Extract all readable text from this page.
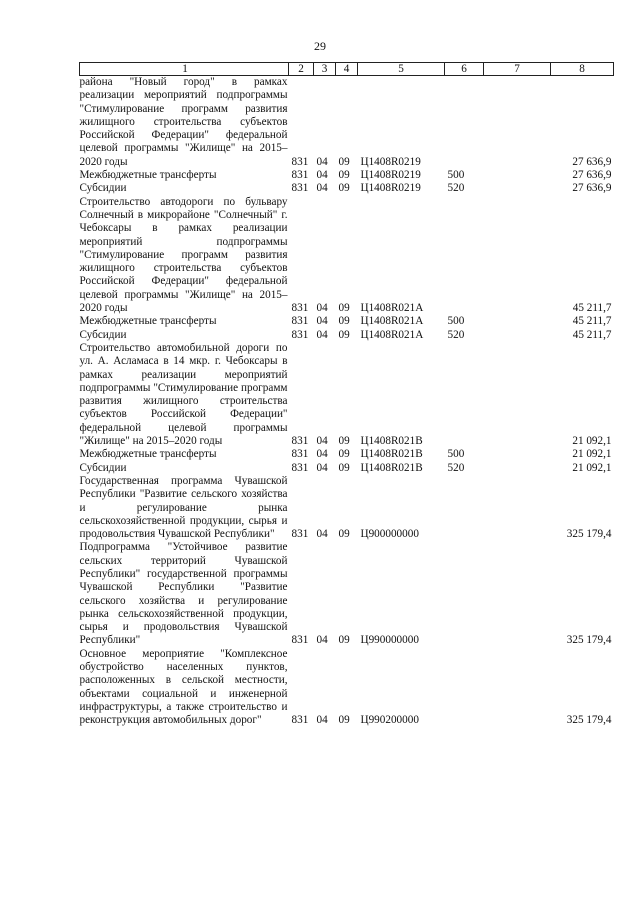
29
1	2	3	4	5	6	7	8
районa "Новый город" в рамках реализации мероприятий подпрограммы "Стимулирование программ развития жилищного строительства субъектов Российской Федерации" федеральной целевой программы "Жилище" на 2015–2020 годы	831	04	09	Ц1408R0219			27 636,9
Межбюджетные трансферты	831	04	09	Ц1408R0219	500		27 636,9
Субсидии	831	04	09	Ц1408R0219	520		27 636,9
Строительство автодороги по бульвару Солнечный в микрорайоне "Солнечный" г. Чебоксары в рамках реализации мероприятий подпрограммы "Стимулирование программ развития жилищного строительства субъектов Российской Федерации" федеральной целевой программы "Жилище" на 2015–2020 годы	831	04	09	Ц1408R021А			45 211,7
Межбюджетные трансферты	831	04	09	Ц1408R021А	500		45 211,7
Субсидии	831	04	09	Ц1408R021А	520		45 211,7
Строительство автомобильной дороги по ул. А. Асламаса в 14 мкр. г. Чебоксары в рамках реализации мероприятий подпрограммы "Стимулирование программ развития жилищного строительства субъектов Российской Федерации" федеральной целевой программы "Жилище" на 2015–2020 годы	831	04	09	Ц1408R021В			21 092,1
Межбюджетные трансферты	831	04	09	Ц1408R021В	500		21 092,1
Субсидии	831	04	09	Ц1408R021В	520		21 092,1
Государственная программа Чувашской Республики "Развитие сельского хозяйства и регулирование рынка сельскохозяйственной продукции, сырья и продовольствия Чувашской Республики"	831	04	09	Ц900000000			325 179,4
Подпрограмма "Устойчивое развитие сельских территорий Чувашской Республики" государственной программы Чувашской Республики "Развитие сельского хозяйства и регулирование рынка сельскохозяйственной продукции, сырья и продовольствия Чувашской Республики"	831	04	09	Ц990000000			325 179,4
Основное мероприятие "Комплексное обустройство населенных пунктов, расположенных в сельской местности, объектами социальной и инженерной инфраструктуры, а также строительство и реконструкция автомобильных дорог"	831	04	09	Ц990200000			325 179,4
